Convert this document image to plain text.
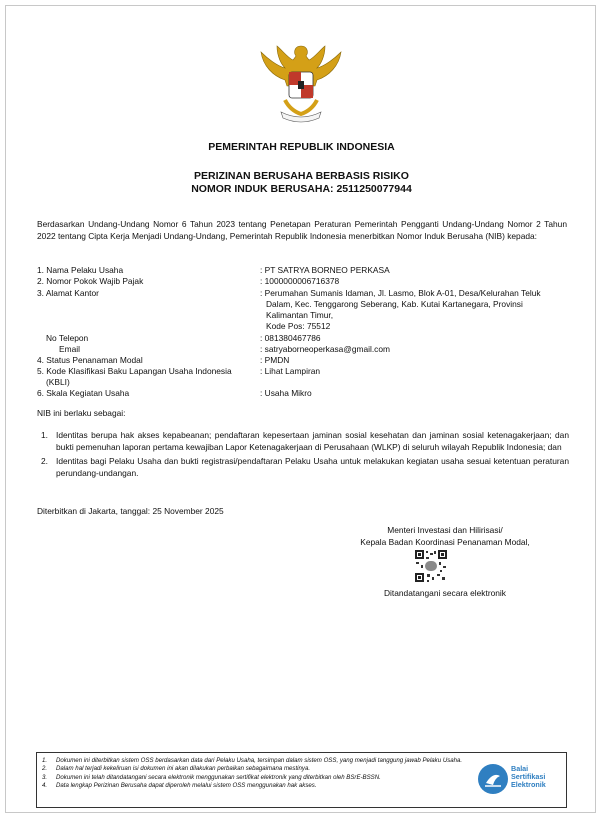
PEMERINTAH REPUBLIK INDONESIA
PERIZINAN BERUSAHA BERBASIS RISIKO
NOMOR INDUK BERUSAHA: 2511250077944
Berdasarkan Undang-Undang Nomor 6 Tahun 2023 tentang Penetapan Peraturan Pemerintah Pengganti Undang-Undang Nomor 2 Tahun 2022 tentang Cipta Kerja Menjadi Undang-Undang, Pemerintah Republik Indonesia menerbitkan Nomor Induk Berusaha (NIB) kepada:
1. Nama Pelaku Usaha	: PT SATRYA BORNEO PERKASA
2. Nomor Pokok Wajib Pajak	: 1000000006716378
3. Alamat Kantor	: Perumahan Sumanis Idaman, Jl. Lasmo, Blok A-01, Desa/Kelurahan Teluk
Dalam, Kec. Tenggarong Seberang, Kab. Kutai Kartanegara, Provinsi
Kalimantan Timur,
Kode Pos: 75512
No Telepon	: 081380467786
Email	: satryaborneoperkasa@gmail.com
4. Status Penanaman Modal	: PMDN
5. Kode Klasifikasi Baku Lapangan Usaha Indonesia
(KBLI)
: Lihat Lampiran
6. Skala Kegiatan Usaha	: Usaha Mikro
NIB ini berlaku sebagai:
1. Identitas berupa hak akses kepabeanan; pendaftaran kepesertaan jaminan sosial kesehatan dan jaminan sosial ketenagakerjaan; dan bukti pemenuhan laporan pertama kewajiban Lapor Ketenagakerjaan di Perusahaan (WLKP) di seluruh wilayah Republik Indonesia; dan
2. Identitas bagi Pelaku Usaha dan bukti registrasi/pendaftaran Pelaku Usaha untuk melakukan kegiatan usaha sesuai ketentuan peraturan perundang-undangan.
Diterbitkan di Jakarta, tanggal: 25 November 2025
Menteri Investasi dan Hilirisasi/
Kepala Badan Koordinasi Penanaman Modal,
Ditandatangani secara elektronik
1.	Dokumen ini diterbitkan sistem OSS berdasarkan data dari Pelaku Usaha, tersimpan dalam sistem OSS, yang menjadi tanggung jawab Pelaku Usaha.
2.	Dalam hal terjadi kekeliruan isi dokumen ini akan dilakukan perbaikan sebagaimana mestinya.
3.	Dokumen ini telah ditandatangani secara elektronik menggunakan sertifikat elektronik yang diterbitkan oleh BSrE-BSSN.
4.	Data lengkap Perizinan Berusaha dapat diperoleh melalui sistem OSS menggunakan hak akses.
Balai
Sertifikasi
Elektronik
